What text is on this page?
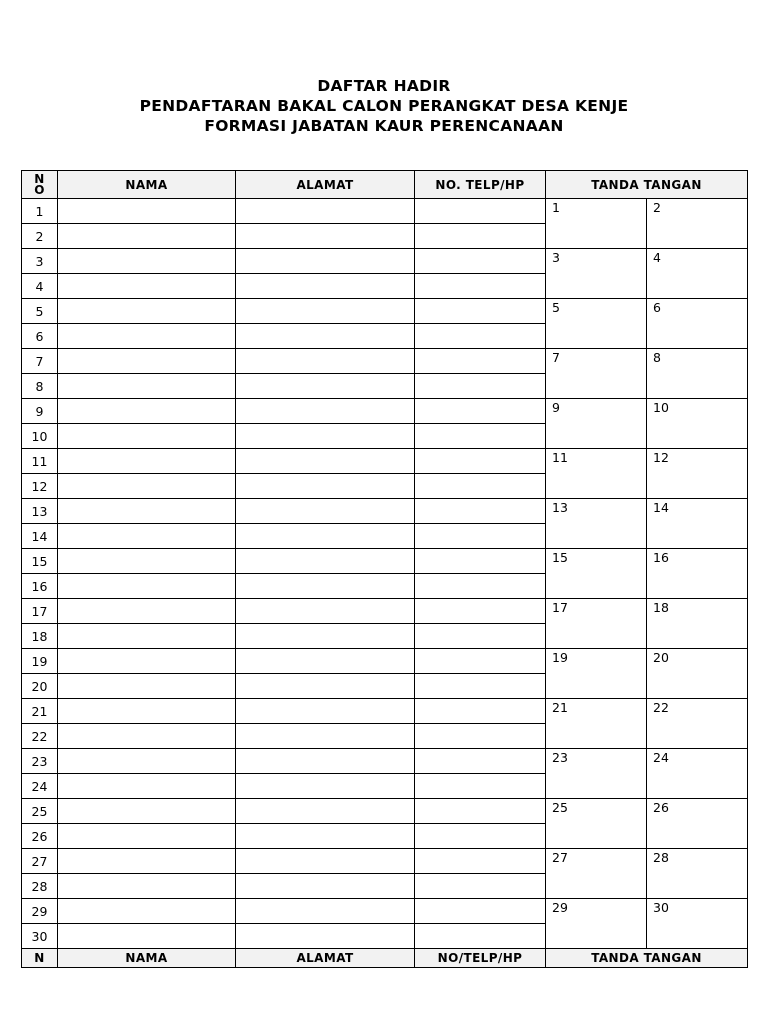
DAFTAR HADIR
PENDAFTARAN BAKAL CALON PERANGKAT DESA KENJE
FORMASI JABATAN KAUR PERENCANAAN
N
O	NAMA	ALAMAT	NO. TELP/HP	TANDA TANGAN	
1				1	2

2					
3				3	4

4					
5				5	6

6					
7				7	8

8					
9				9	10

10					
11				11	12

12					
13				13	14

14					
15				15	16

16					
17				17	18

18					
19				19	20

20					
21				21	22

22					
23				23	24

24					
25				25	26

26					
27				27	28

28					
29				29	30

30					
N	NAMA	ALAMAT	NO/TELP/HP	TANDA TANGAN	
